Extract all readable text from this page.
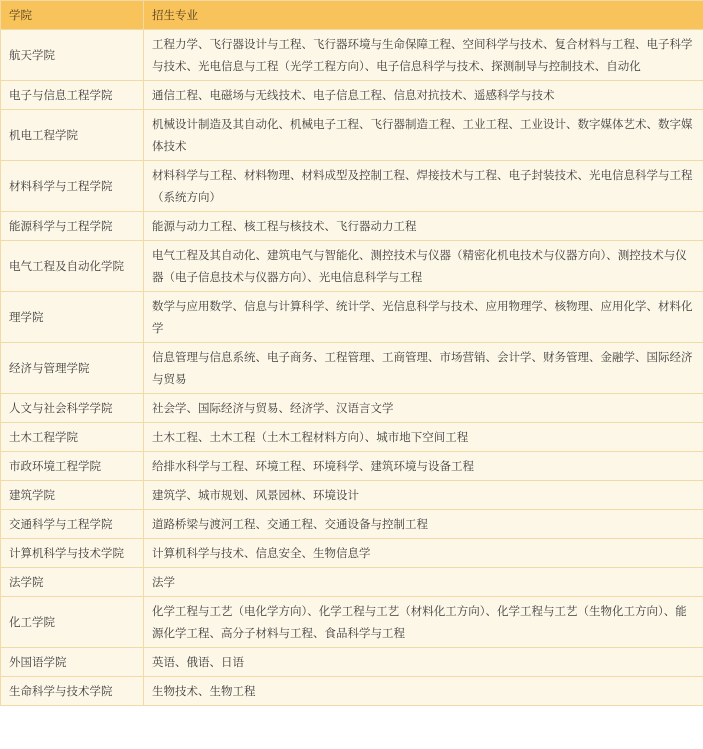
学院	招生专业
航天学院	工程力学、飞行器设计与工程、飞行器环境与生命保障工程、空间科学与技术、复合材料与工程、电子科学与技术、光电信息与工程（光学工程方向）、电子信息科学与技术、探测制导与控制技术、自动化
电子与信息工程学院	通信工程、电磁场与无线技术、电子信息工程、信息对抗技术、遥感科学与技术
机电工程学院	机械设计制造及其自动化、机械电子工程、飞行器制造工程、工业工程、工业设计、数字媒体艺术、数字媒体技术
材料科学与工程学院	材料科学与工程、材料物理、材料成型及控制工程、焊接技术与工程、电子封装技术、光电信息科学与工程（系统方向）
能源科学与工程学院	能源与动力工程、核工程与核技术、飞行器动力工程
电气工程及自动化学院	电气工程及其自动化、建筑电气与智能化、测控技术与仪器（精密化机电技术与仪器方向）、测控技术与仪器（电子信息技术与仪器方向）、光电信息科学与工程
理学院	数学与应用数学、信息与计算科学、统计学、光信息科学与技术、应用物理学、核物理、应用化学、材料化学
经济与管理学院	信息管理与信息系统、电子商务、工程管理、工商管理、市场营销、会计学、财务管理、金融学、国际经济与贸易
人文与社会科学学院	社会学、国际经济与贸易、经济学、汉语言文学
土木工程学院	土木工程、土木工程（土木工程材料方向）、城市地下空间工程
市政环境工程学院	给排水科学与工程、环境工程、环境科学、建筑环境与设备工程
建筑学院	建筑学、城市规划、风景园林、环境设计
交通科学与工程学院	道路桥梁与渡河工程、交通工程、交通设备与控制工程
计算机科学与技术学院	计算机科学与技术、信息安全、生物信息学
法学院	法学
化工学院	化学工程与工艺（电化学方向）、化学工程与工艺（材料化工方向）、化学工程与工艺（生物化工方向）、能源化学工程、高分子材料与工程、食品科学与工程
外国语学院	英语、俄语、日语
生命科学与技术学院	生物技术、生物工程
